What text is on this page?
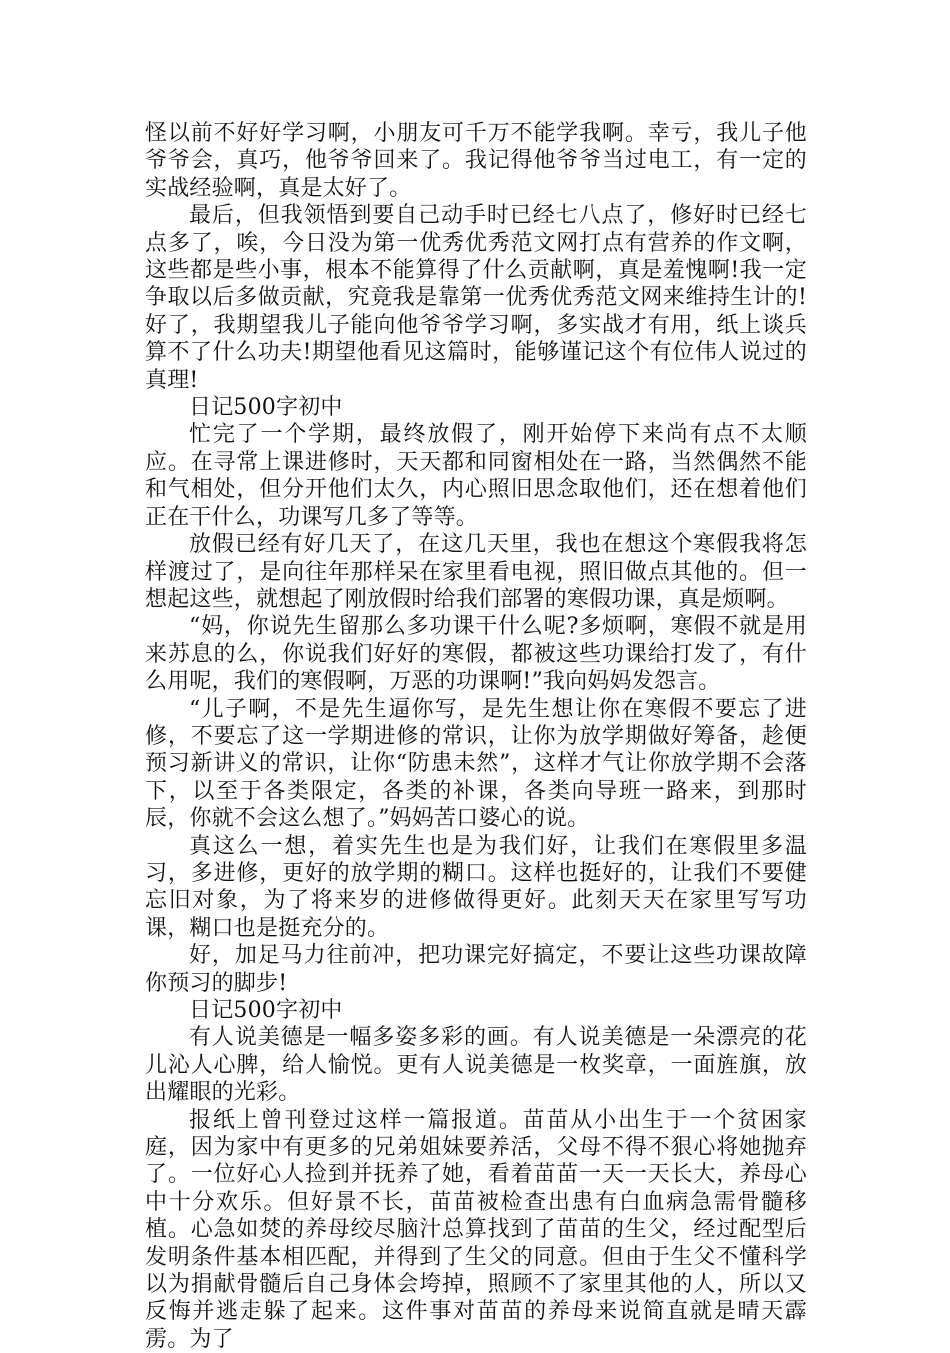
怪以前不好好学习啊，小朋友可千万不能学我啊。幸亏，我儿子他爷爷会，真巧，他爷爷回来了。我记得他爷爷当过电工，有一定的实战经验啊，真是太好了。

最后，但我领悟到要自己动手时已经七八点了，修好时已经七点多了，唉，今日没为第一优秀优秀范文网打点有营养的作文啊，这些都是些小事，根本不能算得了什么贡献啊，真是羞愧啊!我一定争取以后多做贡献，究竟我是靠第一优秀优秀范文网来维持生计的!好了，我期望我儿子能向他爷爷学习啊，多实战才有用，纸上谈兵算不了什么功夫!期望他看见这篇时，能够谨记这个有位伟人说过的真理!

日记500字初中

忙完了一个学期，最终放假了，刚开始停下来尚有点不太顺应。在寻常上课进修时，天天都和同窗相处在一路，当然偶然不能和气相处，但分开他们太久，内心照旧思念取他们，还在想着他们正在干什么，功课写几多了等等。

放假已经有好几天了，在这几天里，我也在想这个寒假我将怎样渡过了，是向往年那样呆在家里看电视，照旧做点其他的。但一想起这些，就想起了刚放假时给我们部署的寒假功课，真是烦啊。

“妈，你说先生留那么多功课干什么呢?多烦啊，寒假不就是用来苏息的么，你说我们好好的寒假，都被这些功课给打发了，有什么用呢，我们的寒假啊，万恶的功课啊!”我向妈妈发怨言。

“儿子啊，不是先生逼你写，是先生想让你在寒假不要忘了进修，不要忘了这一学期进修的常识，让你为放学期做好筹备，趁便预习新讲义的常识，让你“防患未然”，这样才气让你放学期不会落下，以至于各类限定，各类的补课，各类向导班一路来，到那时辰，你就不会这么想了。”妈妈苦口婆心的说。

真这么一想，着实先生也是为我们好，让我们在寒假里多温习，多进修，更好的放学期的糊口。这样也挺好的，让我们不要健忘旧对象，为了将来岁的进修做得更好。此刻天天在家里写写功课，糊口也是挺充分的。

好，加足马力往前冲，把功课完好搞定，不要让这些功课故障你预习的脚步!

日记500字初中

有人说美德是一幅多姿多彩的画。有人说美德是一朵漂亮的花儿沁人心脾，给人愉悦。更有人说美德是一枚奖章，一面旌旗，放出耀眼的光彩。

报纸上曾刊登过这样一篇报道。苗苗从小出生于一个贫困家庭，因为家中有更多的兄弟姐妹要养活，父母不得不狠心将她抛弃了。一位好心人捡到并抚养了她，看着苗苗一天一天长大，养母心中十分欢乐。但好景不长，苗苗被检查出患有白血病急需骨髓移植。心急如焚的养母绞尽脑汁总算找到了苗苗的生父，经过配型后发明条件基本相匹配，并得到了生父的同意。但由于生父不懂科学以为捐献骨髓后自己身体会垮掉，照顾不了家里其他的人，所以又反悔并逃走躲了起来。这件事对苗苗的养母来说简直就是晴天霹雳。为了
